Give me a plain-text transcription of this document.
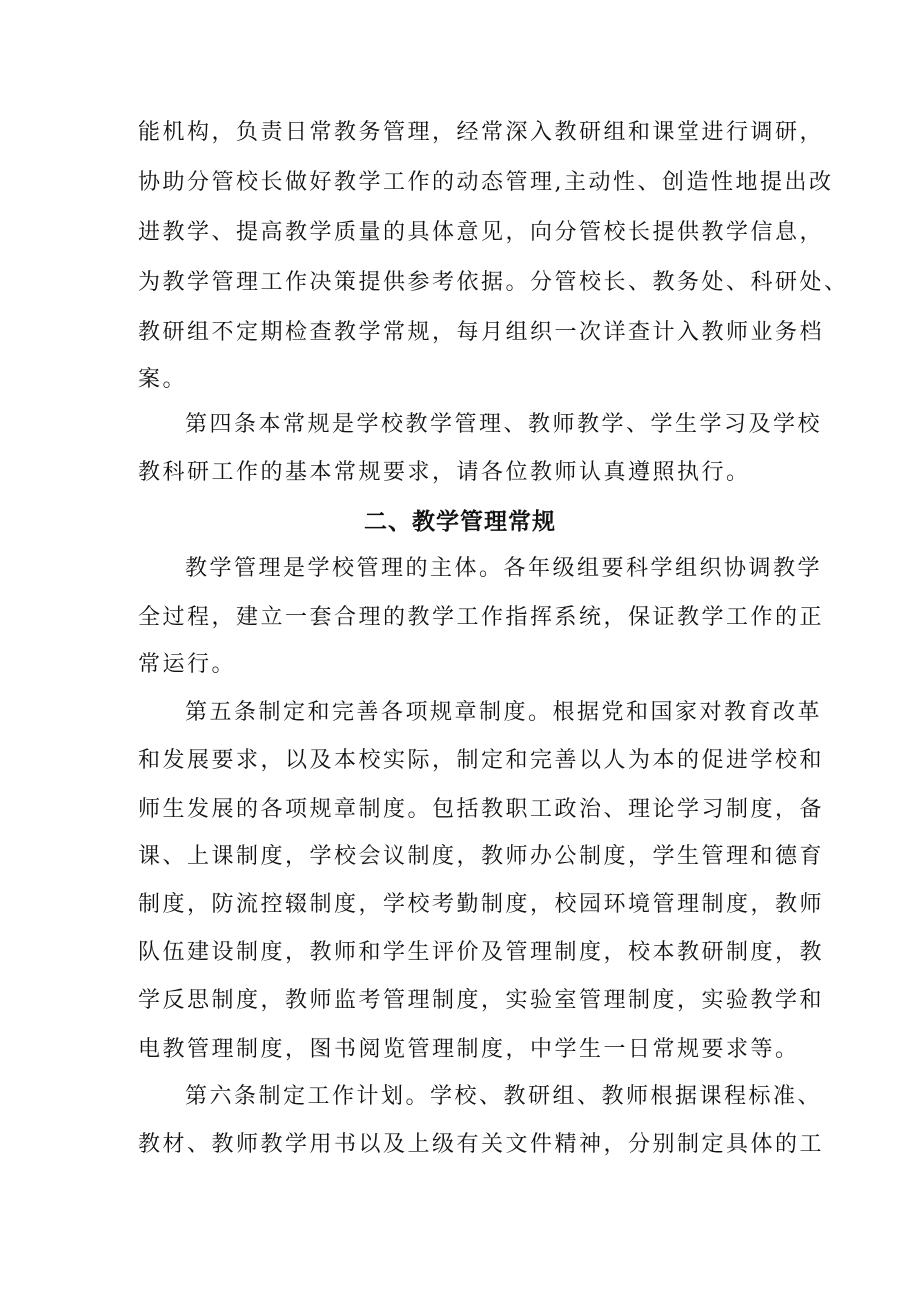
能机构，负责日常教务管理，经常深入教研组和课堂进行调研，
协助分管校长做好教学工作的动态管理,主动性、创造性地提出改
进教学、提高教学质量的具体意见，向分管校长提供教学信息，
为教学管理工作决策提供参考依据。分管校长、教务处、科研处、
教研组不定期检查教学常规，每月组织一次详查计入教师业务档
案。
第四条本常规是学校教学管理、教师教学、学生学习及学校
教科研工作的基本常规要求，请各位教师认真遵照执行。
二、教学管理常规
教学管理是学校管理的主体。各年级组要科学组织协调教学
全过程，建立一套合理的教学工作指挥系统，保证教学工作的正
常运行。
第五条制定和完善各项规章制度。根据党和国家对教育改革
和发展要求，以及本校实际，制定和完善以人为本的促进学校和
师生发展的各项规章制度。包括教职工政治、理论学习制度，备
课、上课制度，学校会议制度，教师办公制度，学生管理和德育
制度，防流控辍制度，学校考勤制度，校园环境管理制度，教师
队伍建设制度，教师和学生评价及管理制度，校本教研制度，教
学反思制度，教师监考管理制度，实验室管理制度，实验教学和
电教管理制度，图书阅览管理制度，中学生一日常规要求等。
第六条制定工作计划。学校、教研组、教师根据课程标准、
教材、教师教学用书以及上级有关文件精神，分别制定具体的工
